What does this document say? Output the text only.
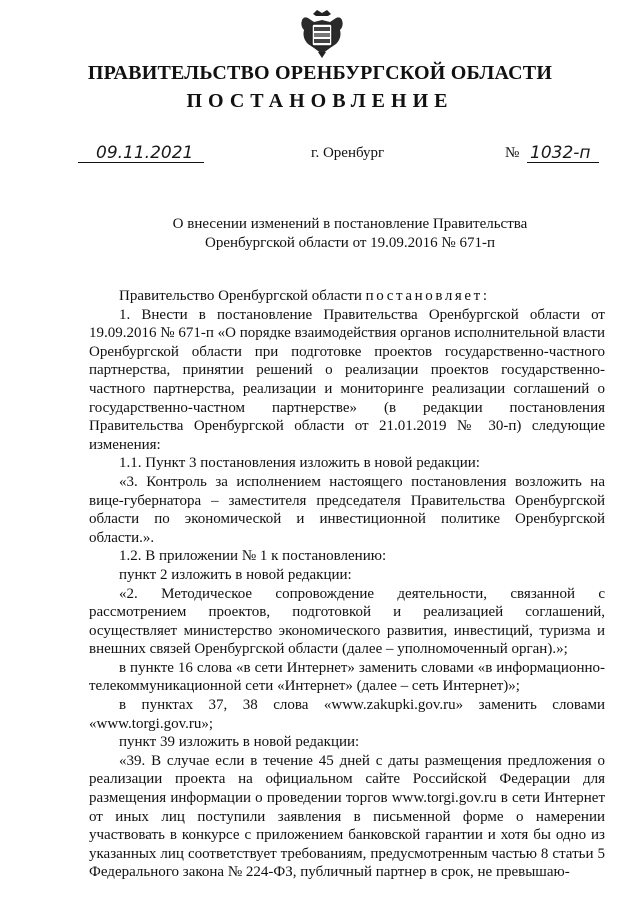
ПРАВИТЕЛЬСТВО ОРЕНБУРГСКОЙ ОБЛАСТИ
ПОСТАНОВЛЕНИЕ
09.11.2021	г. Оренбург	№ 1032-п
О внесении изменений в постановление Правительства
Оренбургской области от 19.09.2016 № 671-п

Правительство Оренбургской области постановляет:

1. Внести в постановление Правительства Оренбургской области от 19.09.2016 № 671-п «О порядке взаимодействия органов исполнительной власти Оренбургской области при подготовке проектов государственно-частного партнерства, принятии решений о реализации проектов государственно-частного партнерства, реализации и мониторинге реализации соглашений о государственно-частном партнерстве» (в редакции постановления Правительства Оренбургской области от 21.01.2019 № 30-п) следующие изменения:

1.1. Пункт 3 постановления изложить в новой редакции:

«3. Контроль за исполнением настоящего постановления возложить на вице-губернатора – заместителя председателя Правительства Оренбургской области по экономической и инвестиционной политике Оренбургской области.».

1.2. В приложении № 1 к постановлению:

пункт 2 изложить в новой редакции:

«2. Методическое сопровождение деятельности, связанной с рассмотрением проектов, подготовкой и реализацией соглашений, осуществляет министерство экономического развития, инвестиций, туризма и внешних связей Оренбургской области (далее – уполномоченный орган).»;

в пункте 16 слова «в сети Интернет» заменить словами «в информационно-телекоммуникационной сети «Интернет» (далее – сеть Интернет)»;

в пунктах 37, 38 слова «www.zakupki.gov.ru» заменить словами «www.torgi.gov.ru»;

пункт 39 изложить в новой редакции:

«39. В случае если в течение 45 дней с даты размещения предложения о реализации проекта на официальном сайте Российской Федерации для размещения информации о проведении торгов www.torgi.gov.ru в сети Интернет от иных лиц поступили заявления в письменной форме о намерении участвовать в конкурсе с приложением банковской гарантии и хотя бы одно из указанных лиц соответствует требованиям, предусмотренным частью 8 статьи 5 Федерального закона № 224-ФЗ, публичный партнер в срок, не превышаю-
